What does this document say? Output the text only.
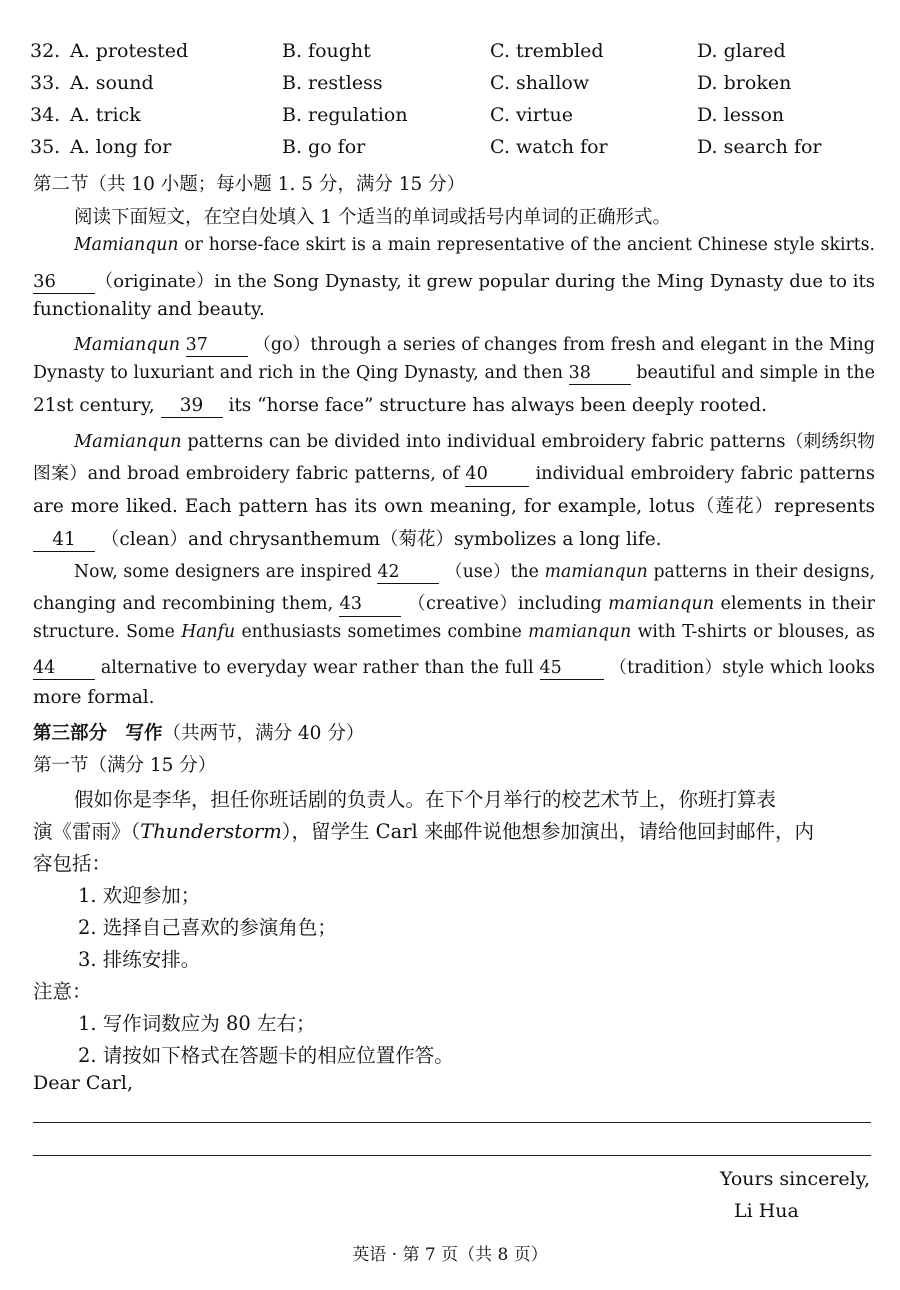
32. A. protested	B. fought	C. trembled	D. glared
33. A. sound	B. restless	C. shallow	D. broken
34. A. trick	B. regulation	C. virtue	D. lesson
35. A. long for	B. go for	C. watch for	D. search for
第二节（共 10 小题；每小题 1. 5 分，满分 15 分）
阅读下面短文，在空白处填入 1 个适当的单词或括号内单词的正确形式。
Mamianqun or horse-face skirt is a main representative of the ancient Chinese style skirts.
36 （originate）in the Song Dynasty, it grew popular during the Ming Dynasty due to its
functionality and beauty.
Mamianqun 37	（go）through a series of changes from fresh and elegant in the Ming
Dynasty to luxuriant and rich in the Qing Dynasty, and then 38	beautiful and simple in the
21st century, 39 its “horse face” structure has always been deeply rooted.
Mamianqun patterns can be divided into individual embroidery fabric patterns（刺绣织物
图案）and broad embroidery fabric patterns, of 40	individual embroidery fabric patterns
are more liked. Each pattern has its own meaning, for example, lotus（莲花）represents
41 （clean）and chrysanthemum（菊花）symbolizes a long life.
Now, some designers are inspired 42	（use）the mamianqun patterns in their designs,
changing and recombining them, 43	（creative）including mamianqun elements in their
structure. Some Hanfu enthusiasts sometimes combine mamianqun with T-shirts or blouses, as
44	alternative to everyday wear rather than the full 45	（tradition）style which looks
more formal.
第三部分　写作（共两节，满分 40 分）
第一节（满分 15 分）
假如你是李华，担任你班话剧的负责人。在下个月举行的校艺术节上，你班打算表
演《雷雨》（Thunderstorm），留学生 Carl 来邮件说他想参加演出，请给他回封邮件，内
容包括：
1. 欢迎参加；
2. 选择自己喜欢的参演角色；
3. 排练安排。
注意：
1. 写作词数应为 80 左右；
2. 请按如下格式在答题卡的相应位置作答。
Dear Carl,
Yours sincerely,
Li Hua
英语 · 第 7 页（共 8 页）
